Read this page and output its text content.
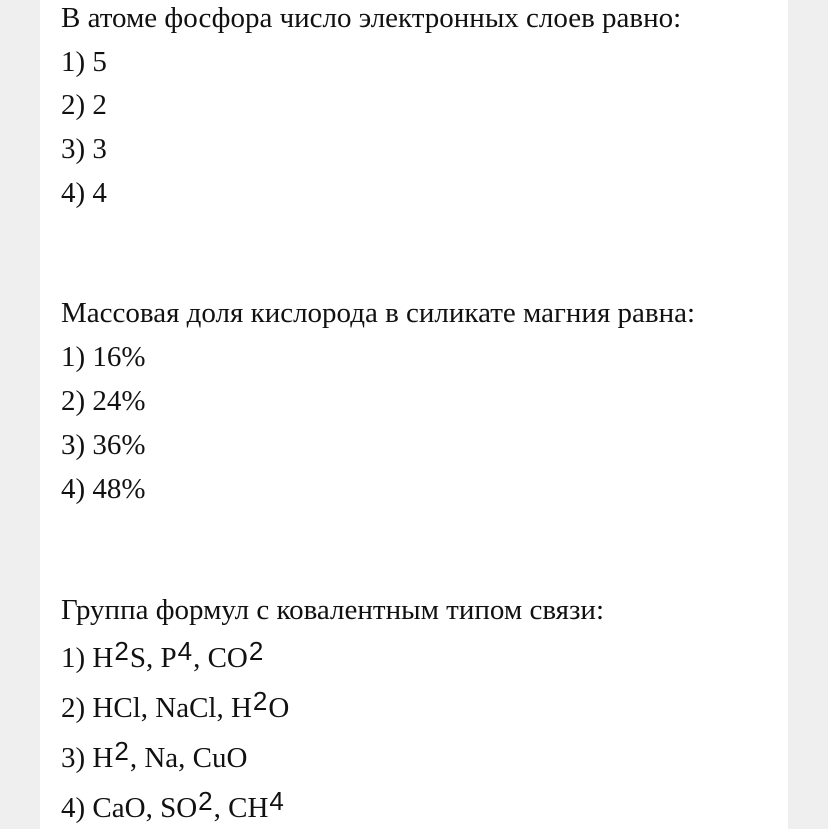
В атоме фосфора число электронных слоев равно:
1) 5
2) 2
3) 3
4) 4
Массовая доля кислорода в силикате магния равна:
1) 16%
2) 24%
3) 36%
4) 48%
Группа формул с ковалентным типом связи:
1) H2S, P4, CO2
2) HCl, NaCl, H2O
3) H2, Na, CuO
4) CaO, SO2, CH4
